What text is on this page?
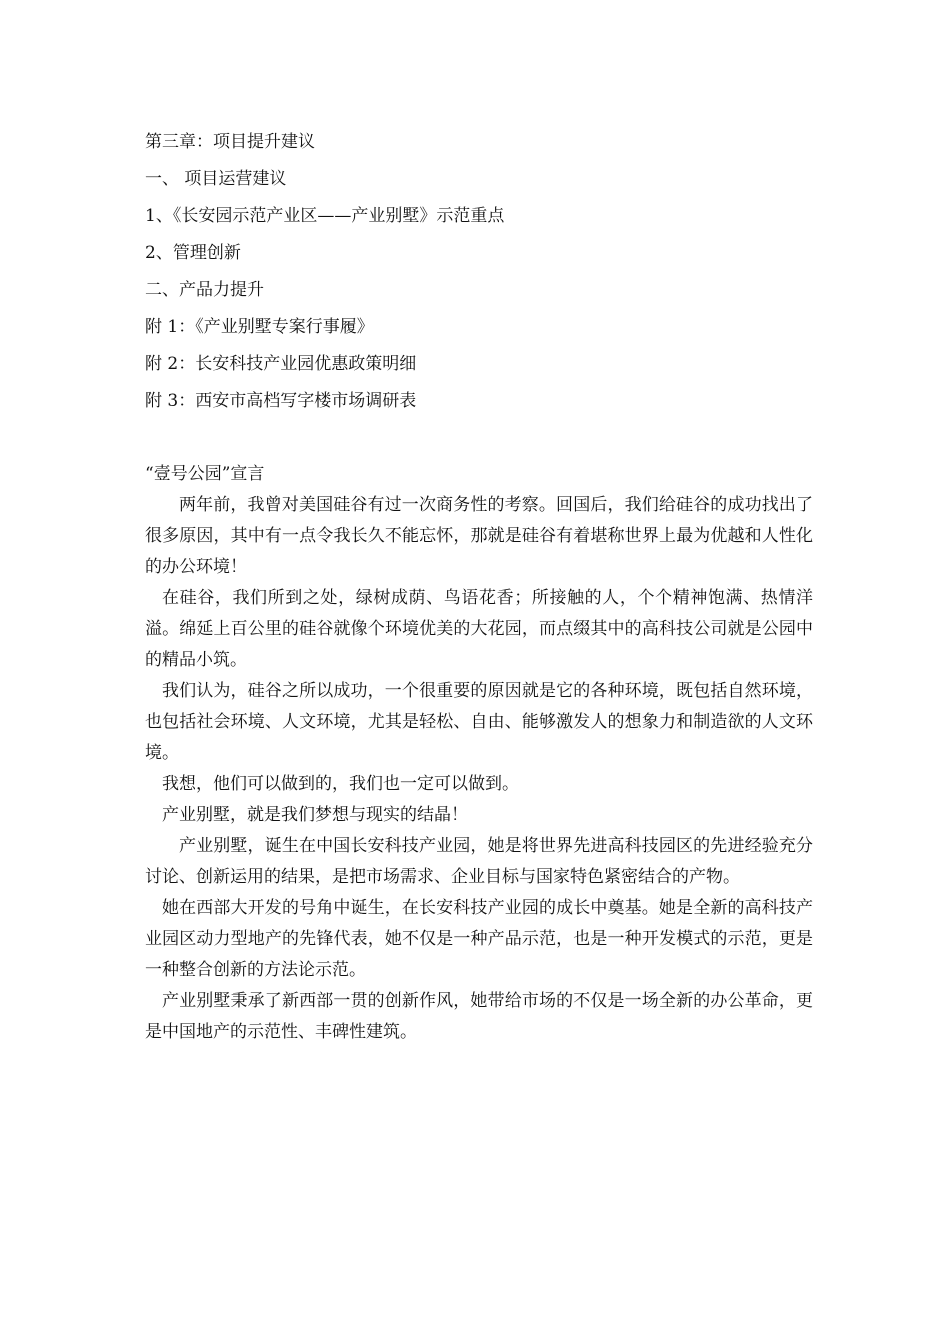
第三章：项目提升建议
一、 项目运营建议
1、《长安园示范产业区——产业别墅》示范重点
2、管理创新
二、产品力提升
附 1：《产业别墅专案行事履》
附 2：长安科技产业园优惠政策明细
附 3：西安市高档写字楼市场调研表
“壹号公园”宣言

两年前，我曾对美国硅谷有过一次商务性的考察。回国后，我们给硅谷的成功找出了很多原因，其中有一点令我长久不能忘怀，那就是硅谷有着堪称世界上最为优越和人性化的办公环境！

在硅谷，我们所到之处，绿树成荫、鸟语花香；所接触的人，个个精神饱满、热情洋溢。绵延上百公里的硅谷就像个环境优美的大花园，而点缀其中的高科技公司就是公园中的精品小筑。

我们认为，硅谷之所以成功，一个很重要的原因就是它的各种环境，既包括自然环境，也包括社会环境、人文环境，尤其是轻松、自由、能够激发人的想象力和制造欲的人文环境。

我想，他们可以做到的，我们也一定可以做到。

产业别墅，就是我们梦想与现实的结晶！

产业别墅，诞生在中国长安科技产业园，她是将世界先进高科技园区的先进经验充分讨论、创新运用的结果，是把市场需求、企业目标与国家特色紧密结合的产物。

她在西部大开发的号角中诞生，在长安科技产业园的成长中奠基。她是全新的高科技产业园区动力型地产的先锋代表，她不仅是一种产品示范，也是一种开发模式的示范，更是一种整合创新的方法论示范。

产业别墅秉承了新西部一贯的创新作风，她带给市场的不仅是一场全新的办公革命，更是中国地产的示范性、丰碑性建筑。
